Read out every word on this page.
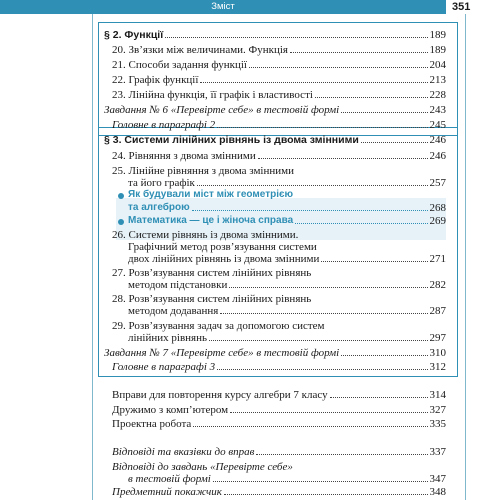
Зміст	351
§ 2. Функції	189
20. Зв’язки між величинами. Функція	189
21. Способи задання функції	204
22. Графік функції	213
23. Лінійна функція, її графік і властивості	228
Завдання № 6 «Перевірте себе» в тестовій формі	243
Головне в параграфі 2	245
§ 3. Системи лінійних рівнянь із двома змінними	246
24. Рівняння з двома змінними	246
25. Лінійне рівняння з двома змінними
та його графік	257
Як будували міст між геометрією
та алгеброю	268
Математика — це і жіноча справа	269
26. Системи рівнянь із двома змінними.
Графічний метод розв’язування системи
двох лінійних рівнянь із двома змінними	271
27. Розв’язування систем лінійних рівнянь
методом підстановки	282
28. Розв’язування систем лінійних рівнянь
методом додавання	287
29. Розв’язування задач за допомогою систем
лінійних рівнянь	297
Завдання № 7 «Перевірте себе» в тестовій формі	310
Головне в параграфі 3	312
Вправи для повторення курсу алгебри 7 класу	314
Дружимо з комп’ютером	327
Проектна робота	335
Відповіді та вказівки до вправ	337
Відповіді до завдань «Перевірте себе»
в тестовій формі	347
Предметний покажчик	348
